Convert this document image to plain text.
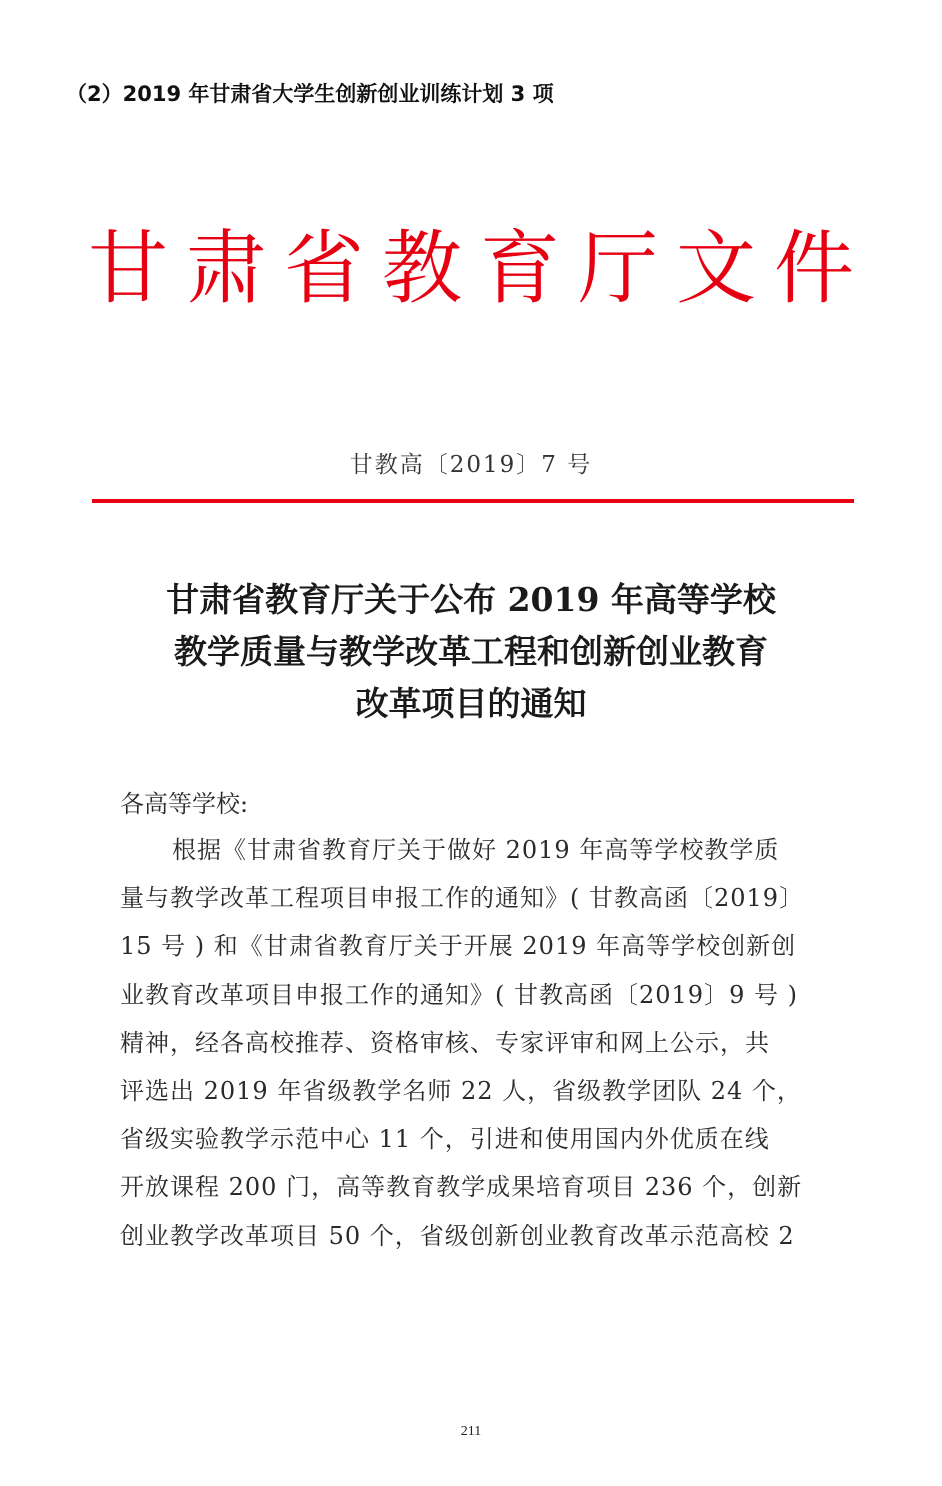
（2）2019 年甘肃省大学生创新创业训练计划 3 项
甘肃省教育厅文件
甘教高〔2019〕7 号
甘肃省教育厅关于公布 2019 年高等学校
教学质量与教学改革工程和创新创业教育
改革项目的通知
各高等学校:
根据《甘肃省教育厅关于做好 2019 年高等学校教学质
量与教学改革工程项目申报工作的通知》( 甘教高函〔2019〕
15 号 ) 和《甘肃省教育厅关于开展 2019 年高等学校创新创
业教育改革项目申报工作的通知》( 甘教高函〔2019〕9 号 )
精神，经各高校推荐、资格审核、专家评审和网上公示，共
评选出 2019 年省级教学名师 22 人，省级教学团队 24 个，
省级实验教学示范中心 11 个，引进和使用国内外优质在线
开放课程 200 门，高等教育教学成果培育项目 236 个，创新
创业教学改革项目 50 个，省级创新创业教育改革示范高校 2
211
